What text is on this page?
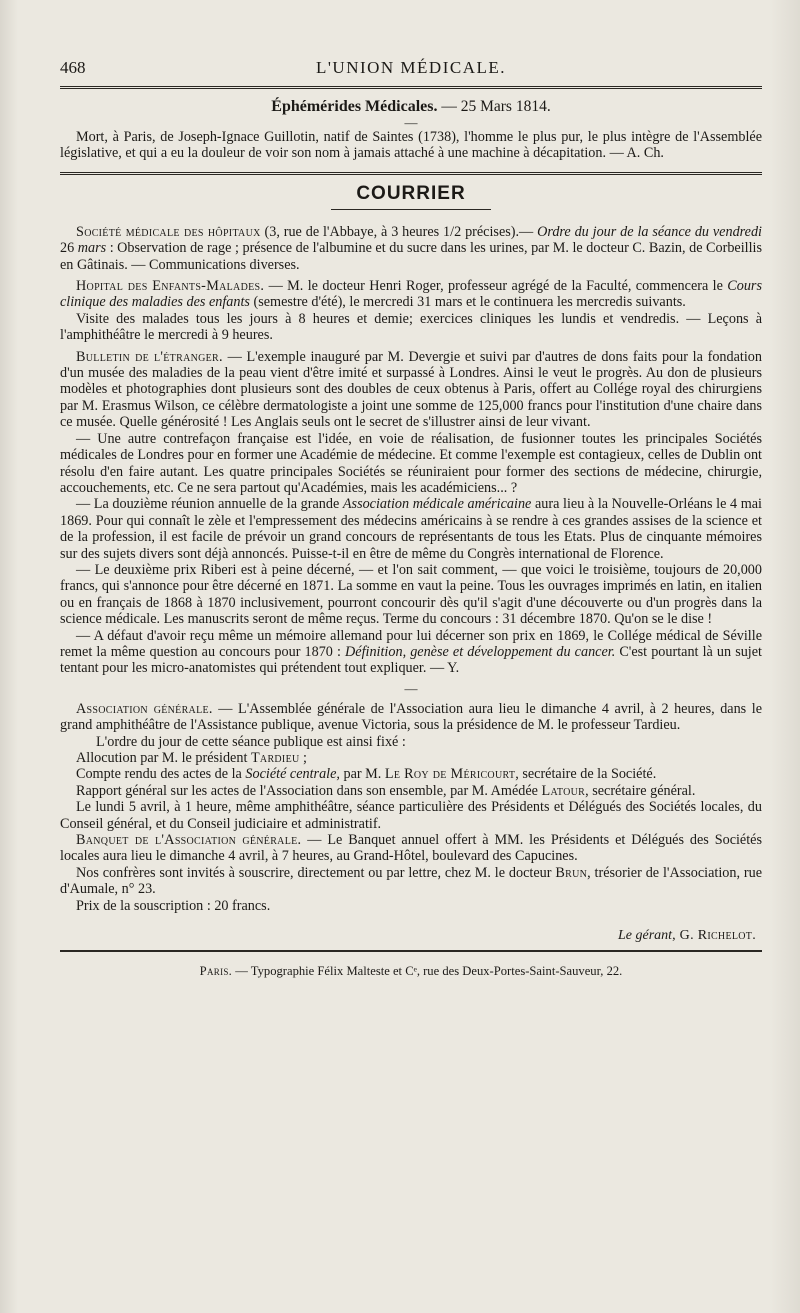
468	L'UNION MÉDICALE.
Éphémérides Médicales. — 25 Mars 1814.
—

Mort, à Paris, de Joseph-Ignace Guillotin, natif de Saintes (1738), l'homme le plus pur, le plus intègre de l'Assemblée législative, et qui a eu la douleur de voir son nom à jamais attaché à une machine à décapitation. — A. Ch.

COURRIER

Société médicale des hôpitaux (3, rue de l'Abbaye, à 3 heures 1/2 précises).— Ordre du jour de la séance du vendredi 26 mars : Observation de rage ; présence de l'albumine et du sucre dans les urines, par M. le docteur C. Bazin, de Corbeillis en Gâtinais. — Communications diverses.

Hopital des Enfants-Malades. — M. le docteur Henri Roger, professeur agrégé de la Faculté, commencera le Cours clinique des maladies des enfants (semestre d'été), le mercredi 31 mars et le continuera les mercredis suivants.

Visite des malades tous les jours à 8 heures et demie; exercices cliniques les lundis et vendredis. — Leçons à l'amphithéâtre le mercredi à 9 heures.

Bulletin de l'étranger. — L'exemple inauguré par M. Devergie et suivi par d'autres de dons faits pour la fondation d'un musée des maladies de la peau vient d'être imité et surpassé à Londres. Ainsi le veut le progrès. Au don de plusieurs modèles et photographies dont plusieurs sont des doubles de ceux obtenus à Paris, offert au Collége royal des chirurgiens par M. Erasmus Wilson, ce célèbre dermatologiste a joint une somme de 125,000 francs pour l'institution d'une chaire dans ce musée. Quelle générosité ! Les Anglais seuls ont le secret de s'illustrer ainsi de leur vivant.

— Une autre contrefaçon française est l'idée, en voie de réalisation, de fusionner toutes les principales Sociétés médicales de Londres pour en former une Académie de médecine. Et comme l'exemple est contagieux, celles de Dublin ont résolu d'en faire autant. Les quatre principales Sociétés se réuniraient pour former des sections de médecine, chirurgie, accouchements, etc. Ce ne sera partout qu'Académies, mais les académiciens... ?

— La douzième réunion annuelle de la grande Association médicale américaine aura lieu à la Nouvelle-Orléans le 4 mai 1869. Pour qui connaît le zèle et l'empressement des médecins américains à se rendre à ces grandes assises de la science et de la profession, il est facile de prévoir un grand concours de représentants de tous les Etats. Plus de cinquante mémoires sur des sujets divers sont déjà annoncés. Puisse-t-il en être de même du Congrès international de Florence.

— Le deuxième prix Riberi est à peine décerné, — et l'on sait comment, — que voici le troisième, toujours de 20,000 francs, qui s'annonce pour être décerné en 1871. La somme en vaut la peine. Tous les ouvrages imprimés en latin, en italien ou en français de 1868 à 1870 inclusivement, pourront concourir dès qu'il s'agit d'une découverte ou d'un progrès dans la science médicale. Les manuscrits seront de même reçus. Terme du concours : 31 décembre 1870. Qu'on se le dise !

— A défaut d'avoir reçu même un mémoire allemand pour lui décerner son prix en 1869, le Collége médical de Séville remet la même question au concours pour 1870 : Définition, genèse et développement du cancer. C'est pourtant là un sujet tentant pour les micro-anatomistes qui prétendent tout expliquer. — Y.

—

Association générale. — L'Assemblée générale de l'Association aura lieu le dimanche 4 avril, à 2 heures, dans le grand amphithéâtre de l'Assistance publique, avenue Victoria, sous la présidence de M. le professeur Tardieu.

L'ordre du jour de cette séance publique est ainsi fixé :

Allocution par M. le président Tardieu ;

Compte rendu des actes de la Société centrale, par M. Le Roy de Méricourt, secrétaire de la Société.

Rapport général sur les actes de l'Association dans son ensemble, par M. Amédée Latour, secrétaire général.

Le lundi 5 avril, à 1 heure, même amphithéâtre, séance particulière des Présidents et Délégués des Sociétés locales, du Conseil général, et du Conseil judiciaire et administratif.

Banquet de l'Association générale. — Le Banquet annuel offert à MM. les Présidents et Délégués des Sociétés locales aura lieu le dimanche 4 avril, à 7 heures, au Grand-Hôtel, boulevard des Capucines.

Nos confrères sont invités à souscrire, directement ou par lettre, chez M. le docteur Brun, trésorier de l'Association, rue d'Aumale, n° 23.

Prix de la souscription : 20 francs.

Le gérant, G. Richelot.
Paris. — Typographie Félix Malteste et Cᵉ, rue des Deux-Portes-Saint-Sauveur, 22.
